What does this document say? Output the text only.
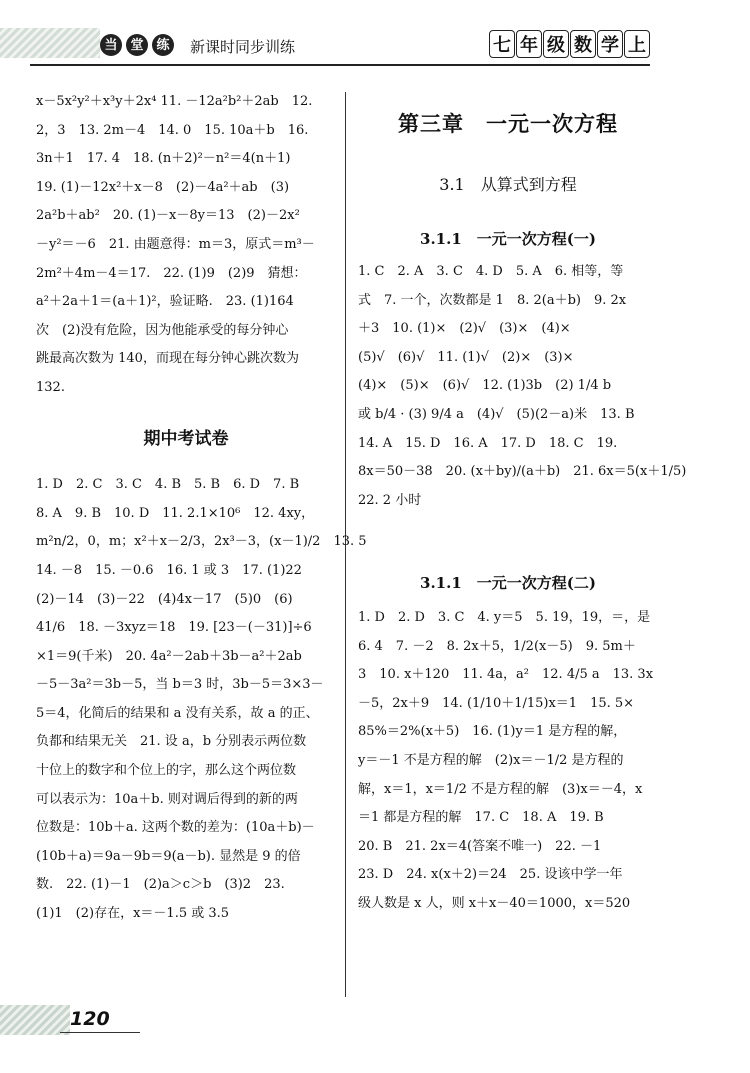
当 堂 练	新课时同步训练	七 年 级 数 学 上

x－5x²y²＋x³y＋2x⁴ 11. －12a²b²＋2ab　12.

2，3　13. 2m－4　14. 0　15. 10a＋b　16.

3n＋1　17. 4　18. (n＋2)²－n²＝4(n＋1)

19. (1)－12x²＋x－8　(2)－4a²＋ab　(3)

2a²b＋ab²　20. (1)－x－8y＝13　(2)－2x²

－y²＝－6　21. 由题意得：m＝3，原式＝m³－

2m²＋4m－4＝17.　22. (1)9　(2)9　猜想：

a²＋2a＋1＝(a＋1)²，验证略.　23. (1)164

次　(2)没有危险，因为他能承受的每分钟心

跳最高次数为 140，而现在每分钟心跳次数为

132.

期中考试卷

1. D　2. C　3. C　4. B　5. B　6. D　7. B

8. A　9. B　10. D　11. 2.1×10⁶　12. 4xy，

m²n/2，0，m；x²＋x－2/3，2x³－3，(x－1)/2　13. 5

14. －8　15. －0.6　16. 1 或 3　17. (1)22

(2)－14　(3)－22　(4)4x－17　(5)0　(6)

41/6　18. －3xyz＝18　19. [23－(－31)]÷6

×1＝9(千米)　20. 4a²－2ab＋3b－a²＋2ab

－5－3a²＝3b－5，当 b＝3 时，3b－5＝3×3－

5＝4，化简后的结果和 a 没有关系，故 a 的正、

负都和结果无关　21. 设 a，b 分别表示两位数

十位上的数字和个位上的字，那么这个两位数

可以表示为：10a＋b. 则对调后得到的新的两

位数是：10b＋a. 这两个数的差为：(10a＋b)－

(10b＋a)＝9a－9b＝9(a－b). 显然是 9 的倍

数.　22. (1)－1　(2)a＞c＞b　(3)2　23.

(1)1　(2)存在，x＝－1.5 或 3.5

第三章　一元一次方程
3.1　从算式到方程
3.1.1　一元一次方程(一)

1. C　2. A　3. C　4. D　5. A　6. 相等，等

式　7. 一个，次数都是 1　8. 2(a＋b)　9. 2x

＋3　10. (1)×　(2)√　(3)×　(4)×

(5)√　(6)√　11. (1)√　(2)×　(3)×

(4)×　(5)×　(6)√　12. (1)3b　(2) 1/4 b

或 b/4 · (3) 9/4 a　(4)√　(5)(2－a)米　13. B

14. A　15. D　16. A　17. D　18. C　19.

8x＝50－38　20. (x＋by)/(a＋b)　21. 6x＝5(x＋1/5)

22. 2 小时

3.1.1　一元一次方程(二)

1. D　2. D　3. C　4. y＝5　5. 19，19，＝，是

6. 4　7. －2　8. 2x＋5，1/2(x－5)　9. 5m＋

3　10. x＋120　11. 4a，a²　12. 4/5 a　13. 3x

－5，2x＋9　14. (1/10＋1/15)x＝1　15. 5×

85%＝2%(x＋5)　16. (1)y＝1 是方程的解，

y＝－1 不是方程的解　(2)x＝－1/2 是方程的

解，x＝1，x＝1/2 不是方程的解　(3)x＝－4，x

＝1 都是方程的解　17. C　18. A　19. B

20. B　21. 2x＝4(答案不唯一)　22. －1

23. D　24. x(x＋2)＝24　25. 设该中学一年

级人数是 x 人，则 x＋x－40＝1000，x＝520

120
